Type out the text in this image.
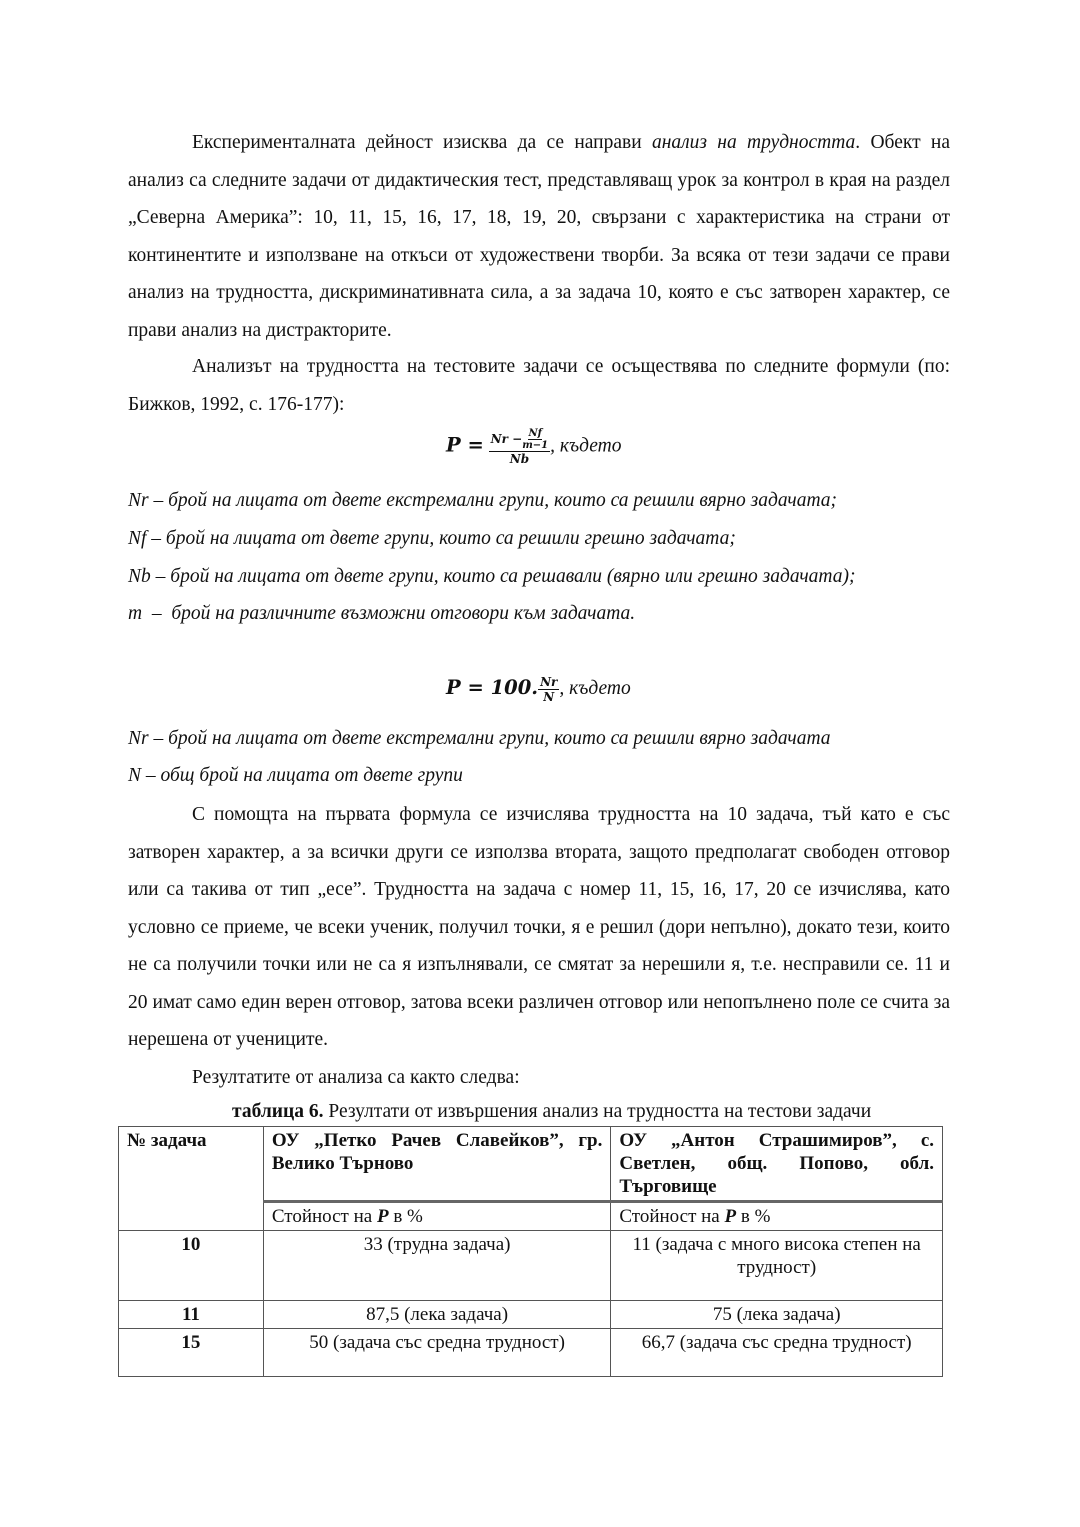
Експерименталната дейност изисква да се направи анализ на трудността. Обект на анализ са следните задачи от дидактическия тест, представляващ урок за контрол в края на раздел „Северна Америка”: 10, 11, 15, 16, 17, 18, 19, 20, свързани с характеристика на страни от континентите и използване на откъси от художествени творби. За всяка от тези задачи се прави анализ на трудността, дискриминативната сила, а за задача 10, която е със затворен характер, се прави анализ на дистракторите.
Анализът на трудността на тестовите задачи се осъществява по следните формули (по: Бижков, 1992, с. 176-177):
$P = \frac{Nr - \frac{Nf}{m-1}}{Nb}$ , където
Nr – брой на лицата от двете екстремални групи, които са решили вярно задачата;
Nf – брой на лицата от двете групи, които са решили грешно задачата;
Nb – брой на лицата от двете групи, които са решавали (вярно или грешно задачата);
m  –  брой на различните възможни отговори към задачата.
P = 100. $\frac{Nr}{N}$ , където
Nr – брой на лицата от двете екстремални групи, които са решили вярно задачата
N – общ брой на лицата от двете групи
С помощта на първата формула се изчислява трудността на 10 задача, тъй като е със затворен характер, а за всички други се използва втората, защото предполагат свободен отговор или са такива от тип „есе”. Трудността на задача с номер 11, 15, 16, 17, 20 се изчислява, като условно се приеме, че всеки ученик, получил точки, я е решил (дори непълно), докато тези, които не са получили точки или не са я изпълнявали, се смятат за нерешили я, т.е. несправили се. 11 и 20 имат само един верен отговор, затова всеки различен отговор или непопълнено поле се счита за нерешена от учениците.
Резултатите от анализа са както следва:
таблица 6. Резултати от извършения анализ на трудността на тестови задачи
№ задача	ОУ „Петко Рачев Славейков”, гр. Велико Търново	ОУ „Антон Страшимиров”, с. Светлен, общ. Попово, обл. Търговище
	Стойност на P в %	Стойност на P в %
10	33 (трудна задача)	11 (задача с много висока степен на трудност)
11	87,5 (лека задача)	75 (лека задача)
15	50 (задача със средна трудност)	66,7 (задача със средна трудност)
